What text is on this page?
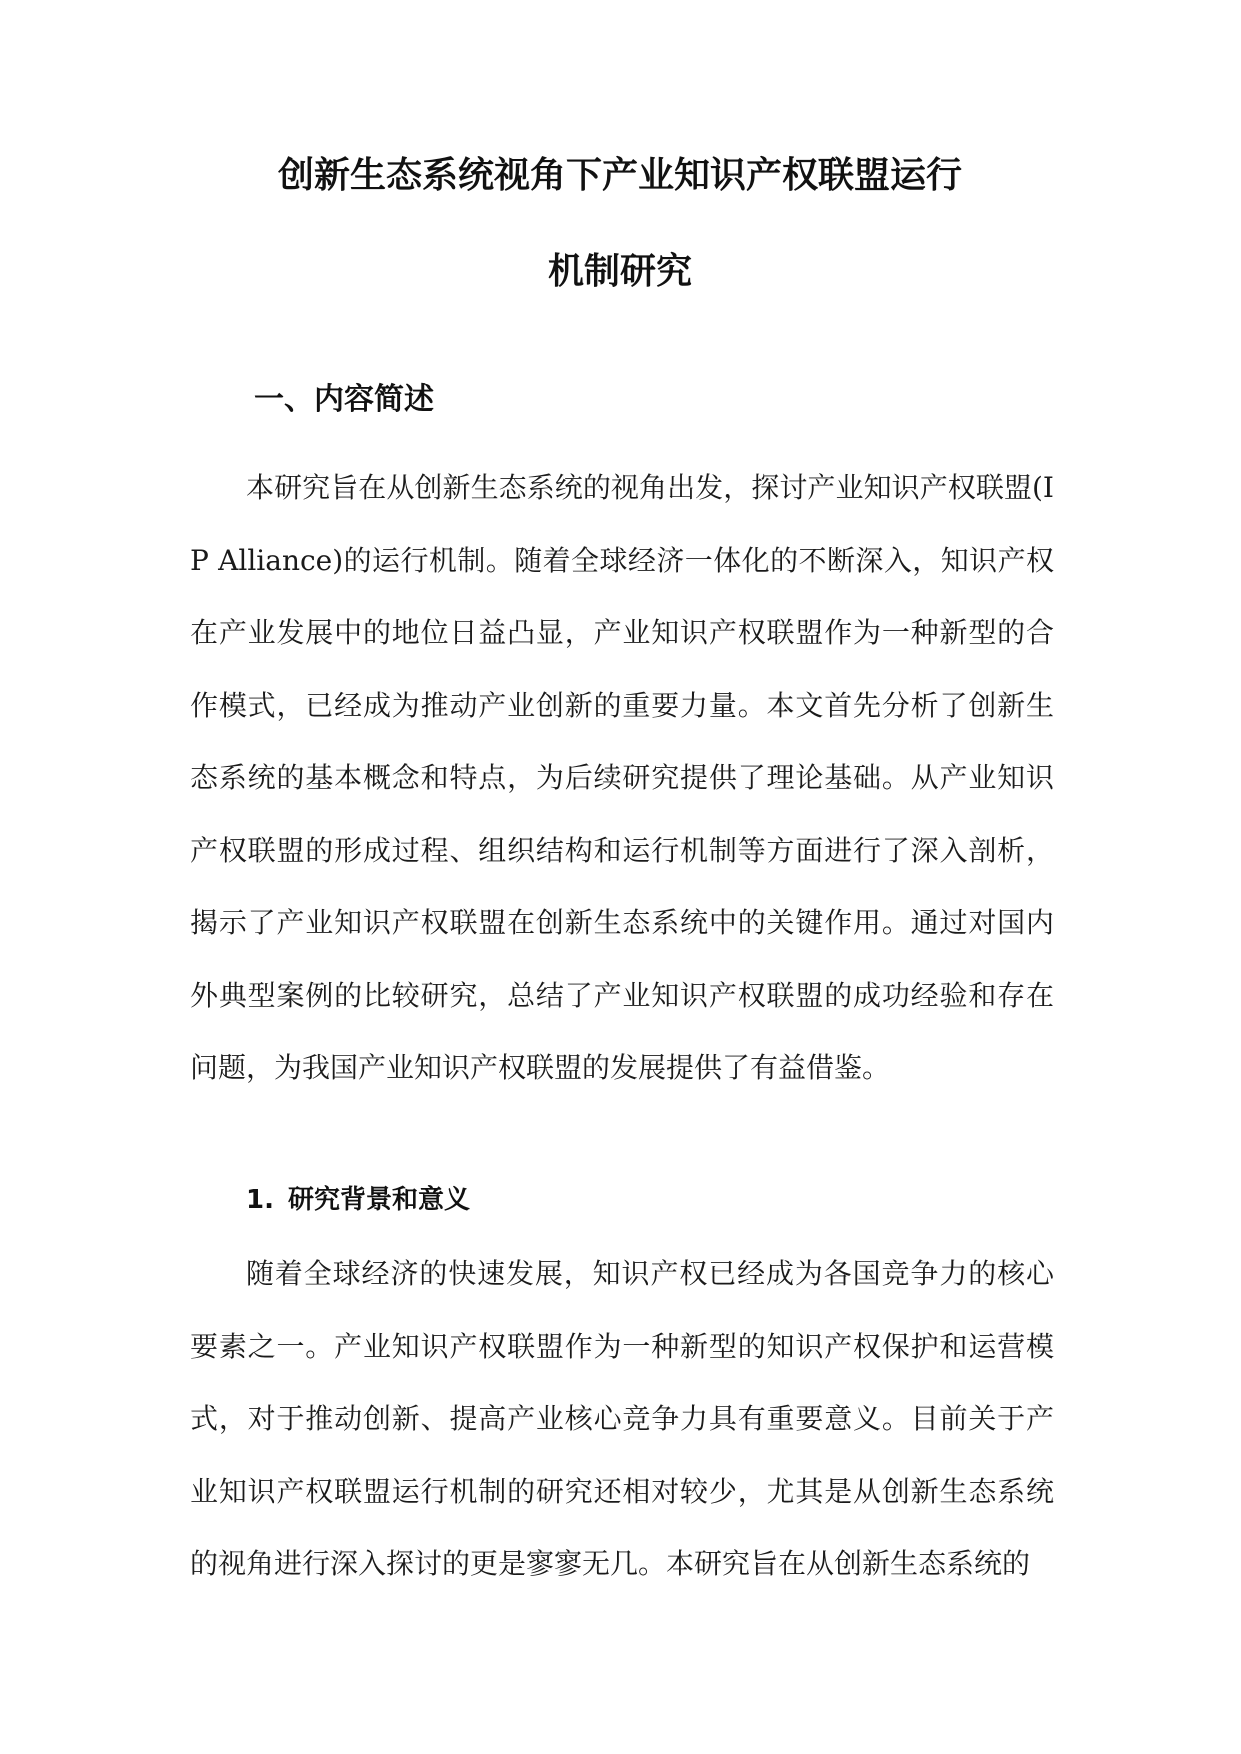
创新生态系统视角下产业知识产权联盟运行
机制研究
一、内容简述

本研究旨在从创新生态系统的视角出发，探讨产业知识产权联盟(IP Alliance)的运行机制。随着全球经济一体化的不断深入，知识产权在产业发展中的地位日益凸显，产业知识产权联盟作为一种新型的合作模式，已经成为推动产业创新的重要力量。本文首先分析了创新生态系统的基本概念和特点，为后续研究提供了理论基础。从产业知识产权联盟的形成过程、组织结构和运行机制等方面进行了深入剖析，揭示了产业知识产权联盟在创新生态系统中的关键作用。通过对国内外典型案例的比较研究，总结了产业知识产权联盟的成功经验和存在问题，为我国产业知识产权联盟的发展提供了有益借鉴。

1. 研究背景和意义

随着全球经济的快速发展，知识产权已经成为各国竞争力的核心要素之一。产业知识产权联盟作为一种新型的知识产权保护和运营模式，对于推动创新、提高产业核心竞争力具有重要意义。目前关于产业知识产权联盟运行机制的研究还相对较少，尤其是从创新生态系统的视角进行深入探讨的更是寥寥无几。本研究旨在从创新生态系统的
